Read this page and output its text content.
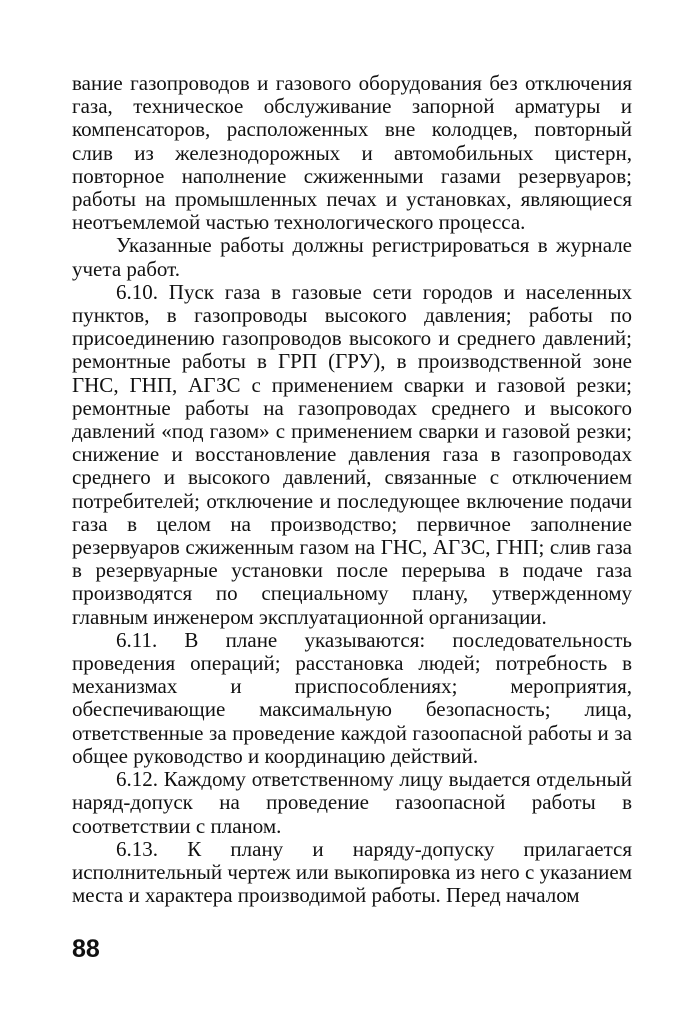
вание газопроводов и газового оборудования без отключения газа, техническое обслуживание запорной арматуры и компенсаторов, расположенных вне колодцев, повторный слив из железнодорожных и автомобильных цистерн, повторное наполнение сжиженными газами резервуаров; работы на промышленных печах и установках, являющиеся неотъемлемой частью технологического процесса.

Указанные работы должны регистрироваться в журнале учета работ.

6.10. Пуск газа в газовые сети городов и населенных пунктов, в газопроводы высокого давления; работы по присоединению газопроводов высокого и среднего давлений; ремонтные работы в ГРП (ГРУ), в производственной зоне ГНС, ГНП, АГЗС с применением сварки и газовой резки; ремонтные работы на газопроводах среднего и высокого давлений «под газом» с применением сварки и газовой резки; снижение и восстановление давления газа в газопроводах среднего и высокого давлений, связанные с отключением потребителей; отключение и последующее включение подачи газа в целом на производство; первичное заполнение резервуаров сжиженным газом на ГНС, АГЗС, ГНП; слив газа в резервуарные установки после перерыва в подаче газа производятся по специальному плану, утвержденному главным инженером эксплуатационной организации.

6.11. В плане указываются: последовательность проведения операций; расстановка людей; потребность в механизмах и приспособлениях; мероприятия, обеспечивающие максимальную безопасность; лица, ответственные за проведение каждой газоопасной работы и за общее руководство и координацию действий.

6.12. Каждому ответственному лицу выдается отдельный наряд-допуск на проведение газоопасной работы в соответствии с планом.

6.13. К плану и наряду-допуску прилагается исполнительный чертеж или выкопировка из него с указанием места и характера производимой работы. Перед началом

88
